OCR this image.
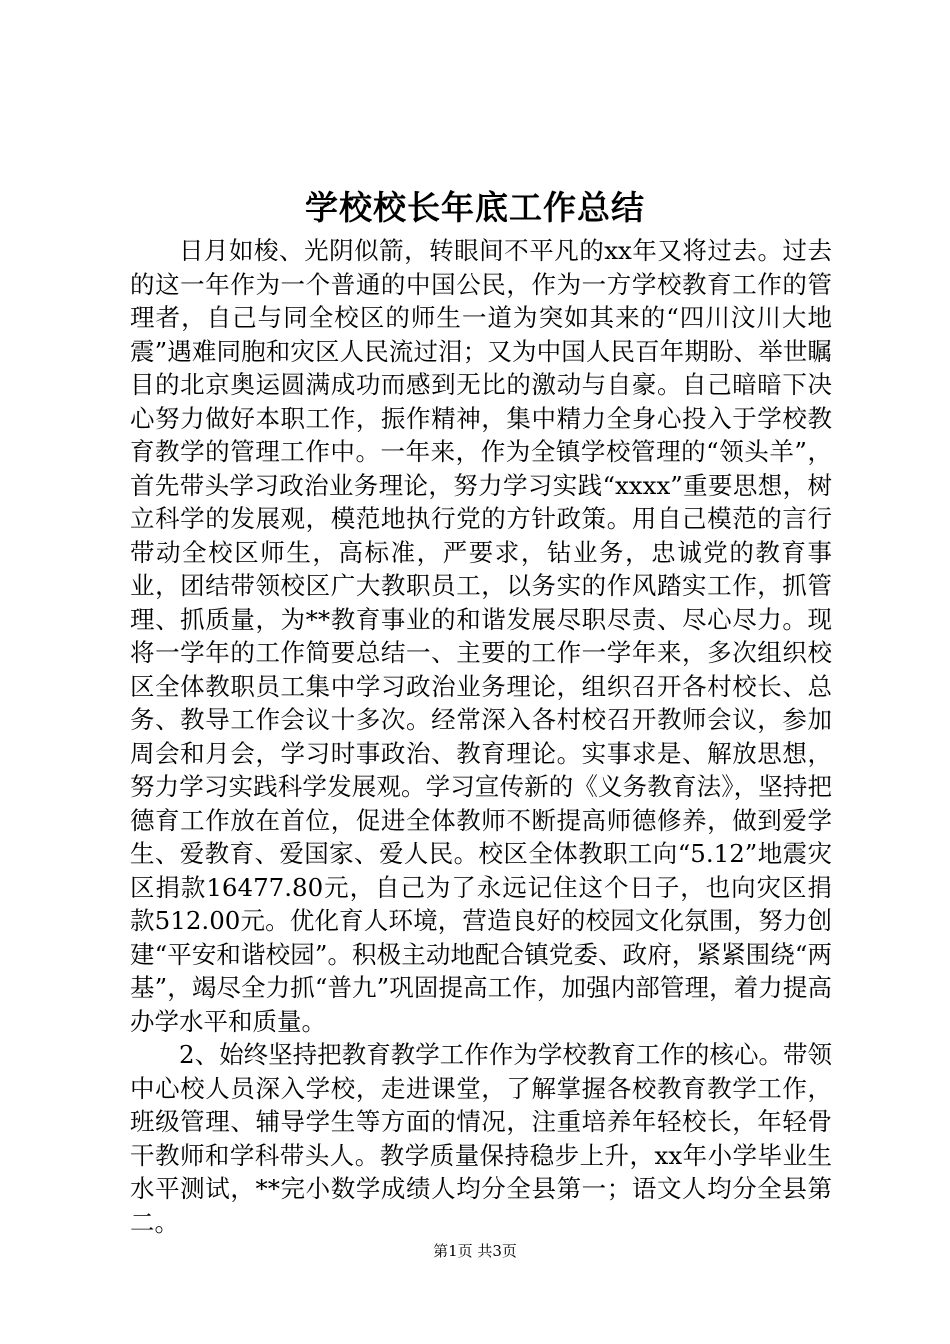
学校校长年底工作总结

日月如梭、光阴似箭，转眼间不平凡的xx年又将过去。过去的这一年作为一个普通的中国公民，作为一方学校教育工作的管理者，自己与同全校区的师生一道为突如其来的“四川汶川大地震”遇难同胞和灾区人民流过泪；又为中国人民百年期盼、举世瞩目的北京奥运圆满成功而感到无比的激动与自豪。自己暗暗下决心努力做好本职工作，振作精神，集中精力全身心投入于学校教育教学的管理工作中。一年来，作为全镇学校管理的“领头羊”，首先带头学习政治业务理论，努力学习实践“xxxx”重要思想，树立科学的发展观，模范地执行党的方针政策。用自己模范的言行带动全校区师生，高标准，严要求，钻业务，忠诚党的教育事业，团结带领校区广大教职员工，以务实的作风踏实工作，抓管理、抓质量，为**教育事业的和谐发展尽职尽责、尽心尽力。现将一学年的工作简要总结一、主要的工作一学年来，多次组织校区全体教职员工集中学习政治业务理论，组织召开各村校长、总务、教导工作会议十多次。经常深入各村校召开教师会议，参加周会和月会，学习时事政治、教育理论。实事求是、解放思想，努力学习实践科学发展观。学习宣传新的《义务教育法》，坚持把德育工作放在首位，促进全体教师不断提高师德修养，做到爱学生、爱教育、爱国家、爱人民。校区全体教职工向“5.12”地震灾区捐款16477.80元，自己为了永远记住这个日子，也向灾区捐款512.00元。优化育人环境，营造良好的校园文化氛围，努力创建“平安和谐校园”。积极主动地配合镇党委、政府，紧紧围绕“两基”，竭尽全力抓“普九”巩固提高工作，加强内部管理，着力提高办学水平和质量。

2、始终坚持把教育教学工作作为学校教育工作的核心。带领中心校人员深入学校，走进课堂，了解掌握各校教育教学工作，班级管理、辅导学生等方面的情况，注重培养年轻校长，年轻骨干教师和学科带头人。教学质量保持稳步上升，xx年小学毕业生水平测试，**完小数学成绩人均分全县第一；语文人均分全县第二。

第1页 共3页
